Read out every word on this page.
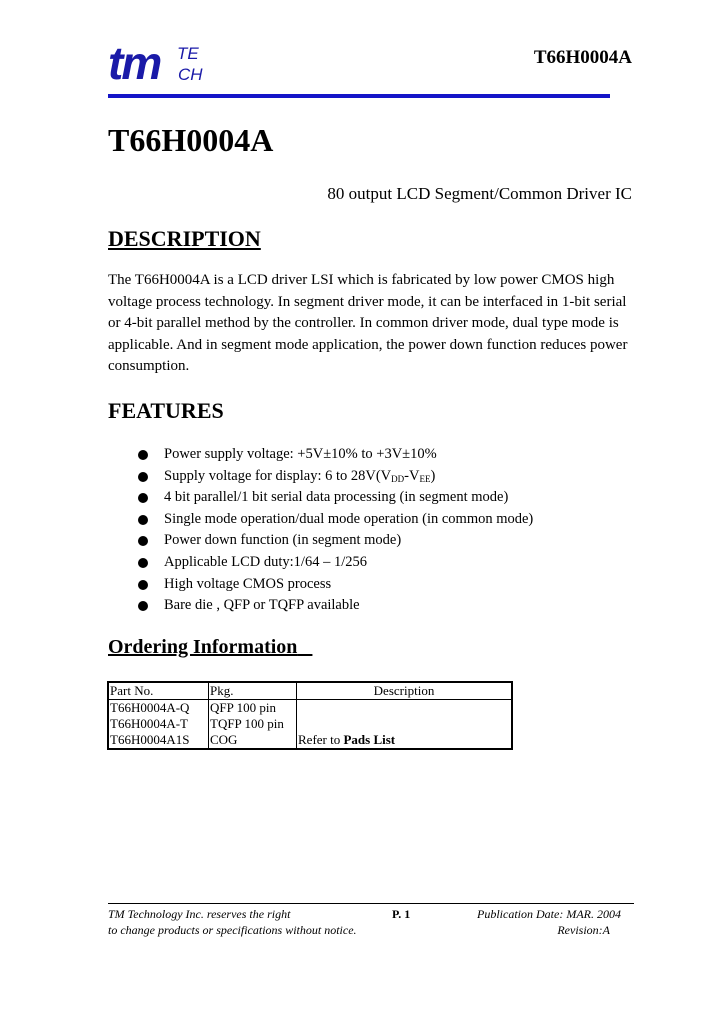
tm TE
CH
T66H0004A
T66H0004A
80 output LCD Segment/Common Driver IC
DESCRIPTION

The T66H0004A is a LCD driver LSI which is fabricated by low power CMOS high voltage process technology. In segment driver mode, it can be interfaced in 1-bit serial or 4-bit parallel method by the controller. In common driver mode, dual type mode is applicable. And in segment mode application, the power down function reduces power consumption.

FEATURES
Power supply voltage: +5V±10% to +3V±10%
Supply voltage for display: 6 to $28V(V_{DD}-V_{EE})$
4 bit parallel/1 bit serial data processing (in segment mode)
Single mode operation/dual mode operation (in common mode)
Power down function (in segment mode)
Applicable LCD duty:1/64 – 1/256
High voltage CMOS process
Bare die , QFP or TQFP available
Ordering Information
Part No.	Pkg.	Description
T66H0004A-Q	QFP 100 pin	
T66H0004A-T	TQFP 100 pin	
T66H0004A1S	COG	Refer to Pads List
TM Technology Inc. reserves the right
to change products or specifications without notice.
P. 1	Publication Date: MAR. 2004
Revision:A
